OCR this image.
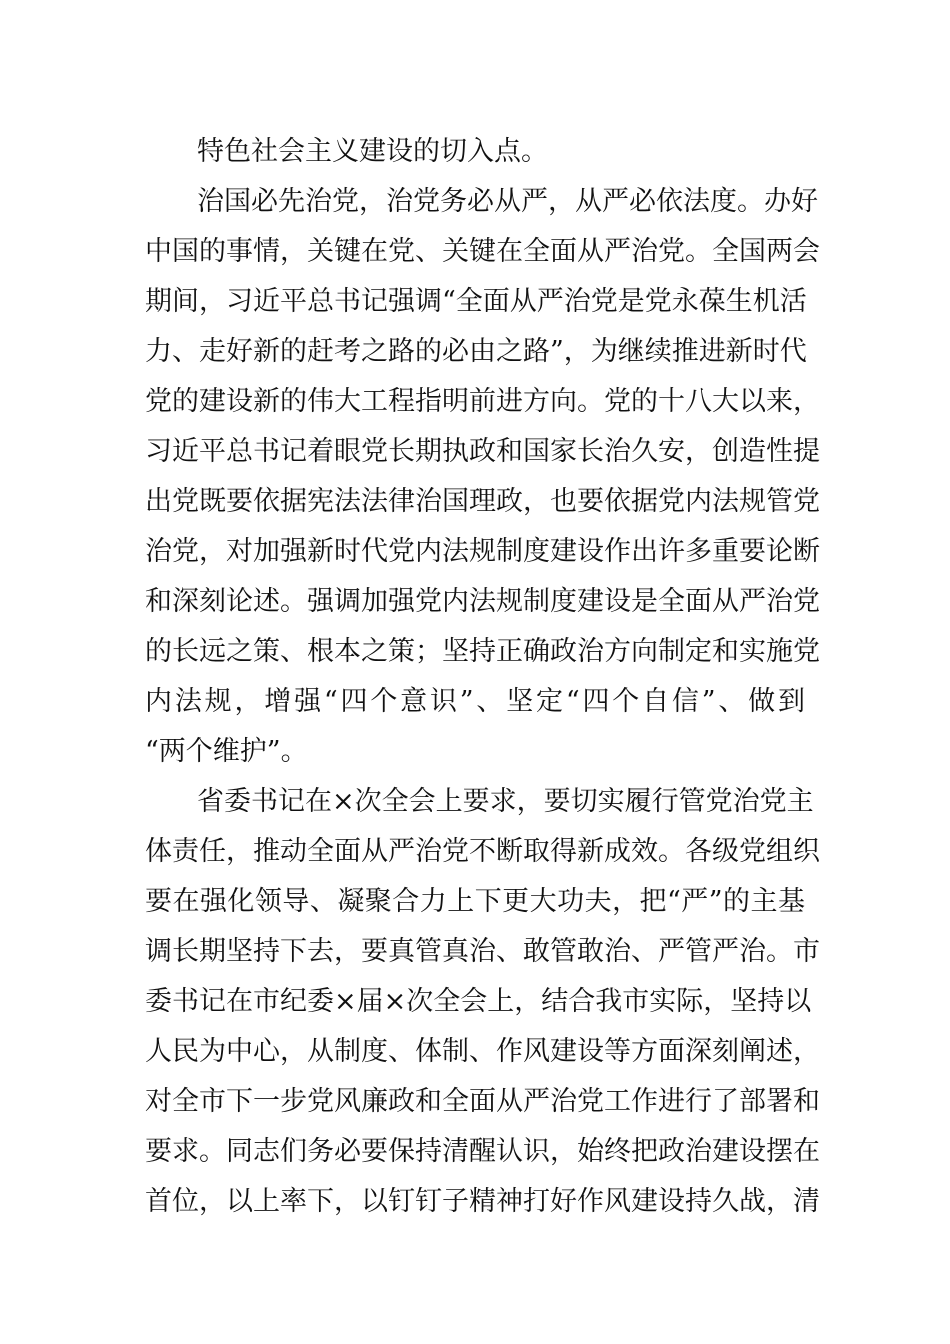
特色社会主义建设的切入点。
治国必先治党，治党务必从严，从严必依法度。办好
中国的事情，关键在党、关键在全面从严治党。全国两会
期间，习近平总书记强调“全面从严治党是党永葆生机活
力、走好新的赶考之路的必由之路”，为继续推进新时代
党的建设新的伟大工程指明前进方向。党的十八大以来，
习近平总书记着眼党长期执政和国家长治久安，创造性提
出党既要依据宪法法律治国理政，也要依据党内法规管党
治党，对加强新时代党内法规制度建设作出许多重要论断
和深刻论述。强调加强党内法规制度建设是全面从严治党
的长远之策、根本之策；坚持正确政治方向制定和实施党
内法规，增强“四个意识”、坚定“四个自信”、做到
“两个维护”。
省委书记在×次全会上要求，要切实履行管党治党主
体责任，推动全面从严治党不断取得新成效。各级党组织
要在强化领导、凝聚合力上下更大功夫，把“严”的主基
调长期坚持下去，要真管真治、敢管敢治、严管严治。市
委书记在市纪委×届×次全会上，结合我市实际，坚持以
人民为中心，从制度、体制、作风建设等方面深刻阐述，
对全市下一步党风廉政和全面从严治党工作进行了部署和
要求。同志们务必要保持清醒认识，始终把政治建设摆在
首位，以上率下，以钉钉子精神打好作风建设持久战，清
